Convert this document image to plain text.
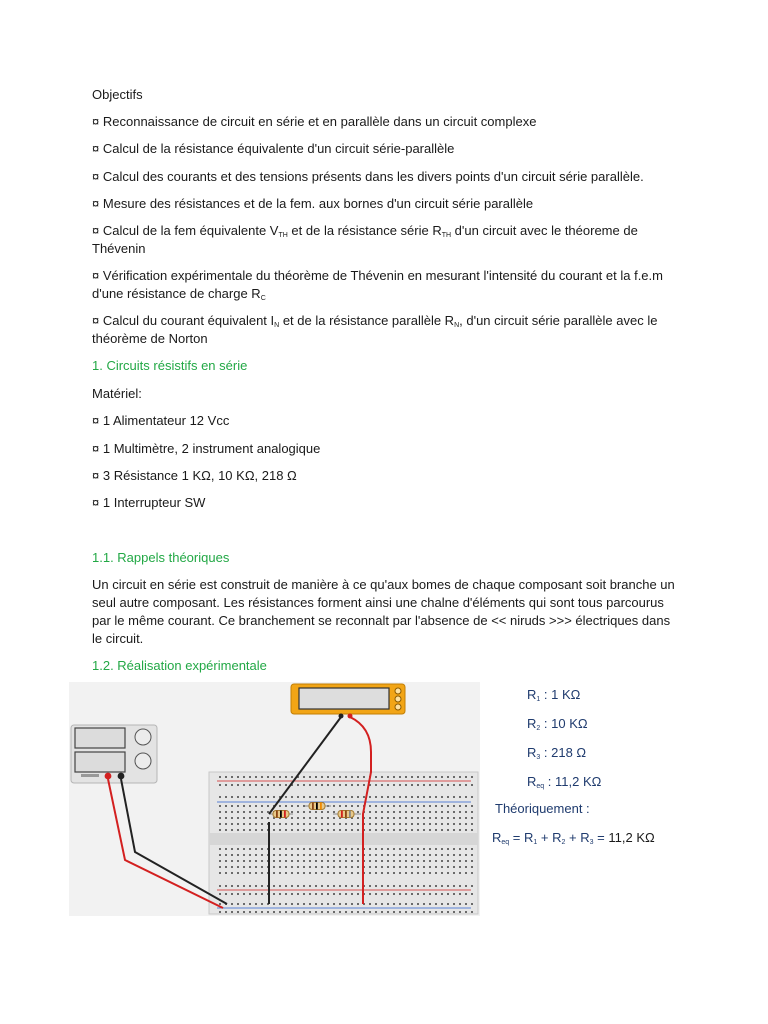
Objectifs

¤ Reconnaissance de circuit en série et en parallèle dans un circuit complexe

¤ Calcul de la résistance équivalente d'un circuit série-parallèle

¤ Calcul des courants et des tensions présents dans les divers points d'un circuit série parallèle.

¤ Mesure des résistances et de la fem. aux bornes d'un circuit série parallèle

¤ Calcul de la fem équivalente $V_{TH}$ et de la résistance série $R_{TH}$ d'un circuit avec le théoreme de Thévenin

¤ Vérification expérimentale du théorème de Thévenin en mesurant l'intensité du courant et la f.e.m d'une résistance de charge $R_C$

¤ Calcul du courant équivalent $I_N$ et de la résistance parallèle $R_N$, d'un circuit série parallèle avec le théorème de Norton

1. Circuits résistifs en série

Matériel:

¤ 1 Alimentateur 12 Vcc

¤ 1 Multimètre, 2 instrument analogique

¤ 3 Résistance 1 KΩ, 10 KΩ, 218 Ω

¤ 1 Interrupteur SW

1.1. Rappels théoriques

Un circuit en série est construit de manière à ce qu'aux bomes de chaque composant soit branche un seul autre composant. Les résistances forment ainsi une chalne d'éléments qui sont tous parcourus par le même courant. Ce branchement se reconnalt par l'absence de << niruds >>> électriques dans le circuit.

1.2. Réalisation expérimentale

$R_1$ : 1 KΩ
$R_2$ : 10 KΩ
$R_3$ : 218 Ω
$R_{eq}$ : 11,2 KΩ
Théoriquement :
$R_{eq} = R_1 + R_2 + R_3 = 11,2$ KΩ
